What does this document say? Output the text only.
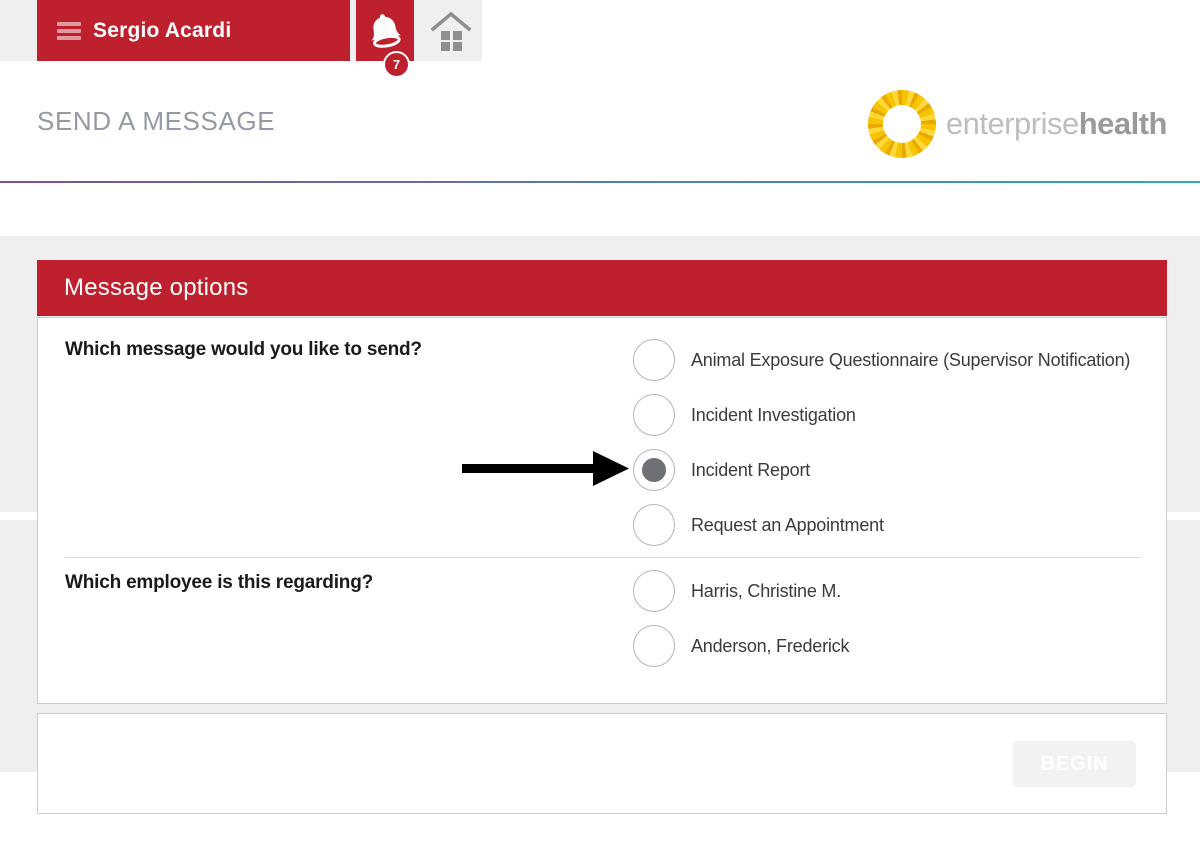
Sergio Acardi
7
SEND A MESSAGE	enterprisehealth
Message options
Which message would you like to send?	Animal Exposure Questionnaire (Supervisor Notification)
Incident Investigation
Incident Report
Request an Appointment
Which employee is this regarding?	Harris, Christine M.
Anderson, Frederick
BEGIN
